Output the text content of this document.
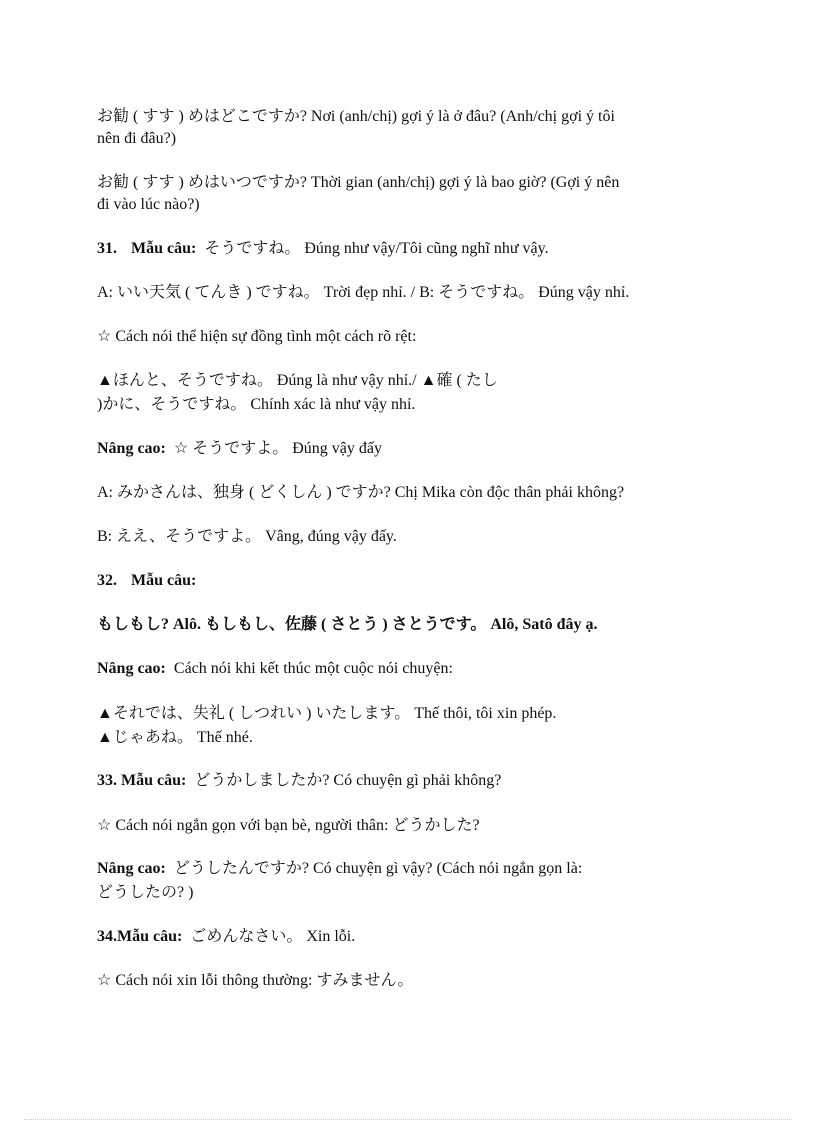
お勧 ( すす ) めはどこですか? Nơi (anh/chị) gợi ý là ở đâu? (Anh/chị gợi ý tôi
nên đi đâu?)
お勧 ( すす ) めはいつですか? Thời gian (anh/chị) gợi ý là bao giờ? (Gợi ý nên
đi vào lúc nào?)
31. Mẫu câu: そうですね。 Đúng như vậy/Tôi cũng nghĩ như vậy.
A: いい天気 ( てんき ) ですね。 Trời đẹp nhỉ. / B: そうですね。 Đúng vậy nhỉ.
☆ Cách nói thể hiện sự đồng tình một cách rõ rệt:
▲ほんと、そうですね。 Đúng là như vậy nhỉ./ ▲確 ( たし
)かに、そうですね。 Chính xác là như vậy nhỉ.
Nâng cao: ☆ そうですよ。 Đúng vậy đấy
A: みかさんは、独身 ( どくしん ) ですか? Chị Mika còn độc thân phải không?
B: ええ、そうですよ。 Vâng, đúng vậy đấy.
32. Mẫu câu:
もしもし? Alô. もしもし、佐藤 ( さとう ) さとうです。 Alô, Satô đây ạ.
Nâng cao: Cách nói khi kết thúc một cuộc nói chuyện:
▲それでは、失礼 ( しつれい ) いたします。 Thế thôi, tôi xin phép.
▲じゃあね。 Thế nhé.
33. Mẫu câu: どうかしましたか? Có chuyện gì phải không?
☆ Cách nói ngắn gọn với bạn bè, người thân: どうかした?
Nâng cao: どうしたんですか? Có chuyện gì vậy? (Cách nói ngắn gọn là:
どうしたの? )
34.Mẫu câu: ごめんなさい。 Xin lỗi.
☆ Cách nói xin lỗi thông thường: すみません。
